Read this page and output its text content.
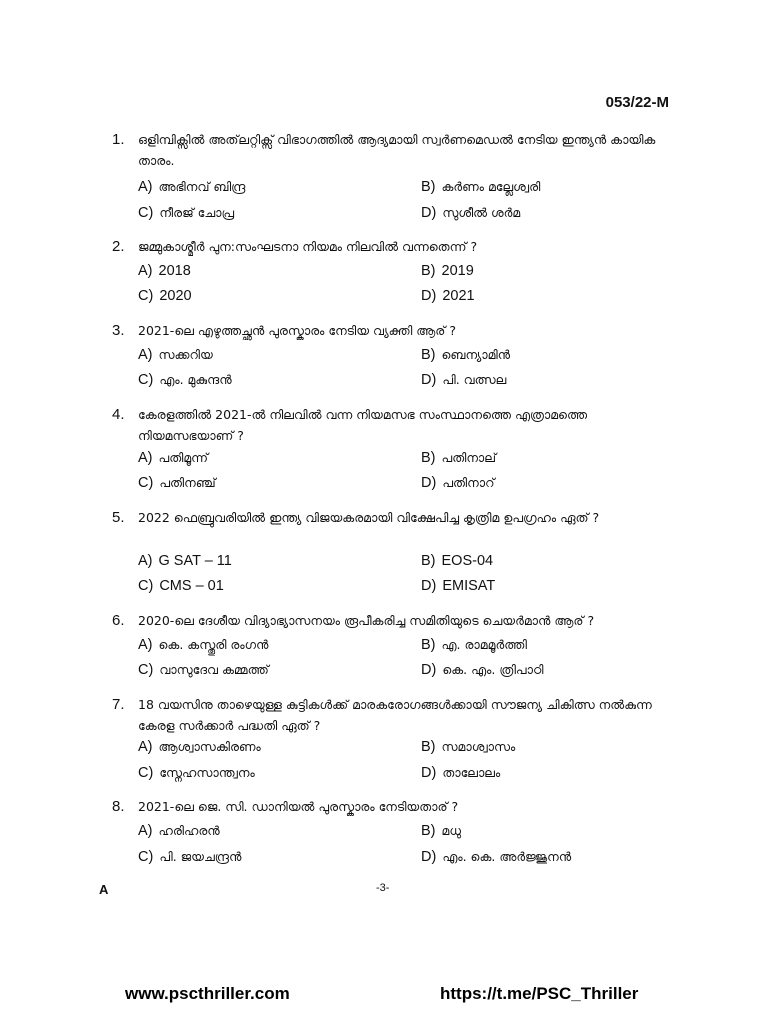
053/22-M
1. ഒളിമ്പിക്സിൽ അത്‌ലറ്റിക്സ് വിഭാഗത്തിൽ ആദ്യമായി സ്വർണമെഡൽ നേടിയ ഇന്ത്യൻ കായിക താരം.
A) അഭിനവ് ബിന്ദ്ര	B) കർണം മല്ലേശ്വരി
C) നീരജ് ചോപ്ര	D) സുശീൽ ശർമ
2. ജമ്മുകാശ്മീർ പുന:സംഘടനാ നിയമം നിലവിൽ വന്നതെന്ന് ?
A) 2018	B) 2019
C) 2020	D) 2021
3. 2021-ലെ എഴുത്തച്ഛൻ പുരസ്കാരം നേടിയ വ്യക്തി ആര് ?
A) സക്കറിയ	B) ബെന്യാമിൻ
C) എം. മുകുന്ദൻ	D) പി. വത്സല
4. കേരളത്തിൽ 2021-ൽ നിലവിൽ വന്ന നിയമസഭ സംസ്ഥാനത്തെ എത്രാമത്തെ നിയമസഭയാണ് ?
A) പതിമൂന്ന്	B) പതിനാല്
C) പതിനഞ്ച്	D) പതിനാറ്
5. 2022 ഫെബ്രുവരിയിൽ ഇന്ത്യ വിജയകരമായി വിക്ഷേപിച്ച കൃത്രിമ ഉപഗ്രഹം ഏത് ?
A) G SAT – 11	B) EOS-04
C) CMS – 01	D) EMISAT
6. 2020-ലെ ദേശീയ വിദ്യാഭ്യാസനയം രൂപീകരിച്ച സമിതിയുടെ ചെയർമാൻ ആര് ?
A) കെ. കസ്തൂരി രംഗൻ	B) എ. രാമമൂർത്തി
C) വാസുദേവ കമ്മത്ത്	D) കെ. എം. ത്രിപാഠി
7. 18 വയസിനു താഴെയുള്ള കുട്ടികൾക്ക് മാരകരോഗങ്ങൾക്കായി സൗജന്യ ചികിത്സ നൽകുന്ന കേരള സർക്കാർ പദ്ധതി ഏത് ?
A) ആശ്വാസകിരണം	B) സമാശ്വാസം
C) സ്നേഹസാന്ത്വനം	D) താലോലം
8. 2021-ലെ ജെ. സി. ഡാനിയൽ പുരസ്കാരം നേടിയതാര് ?
A) ഹരിഹരൻ	B) മധു
C) പി. ജയചന്ദ്രൻ	D) എം. കെ. അർജ്ജുനൻ
A	-3-
www.pscthriller.com	https://t.me/PSC_Thriller
